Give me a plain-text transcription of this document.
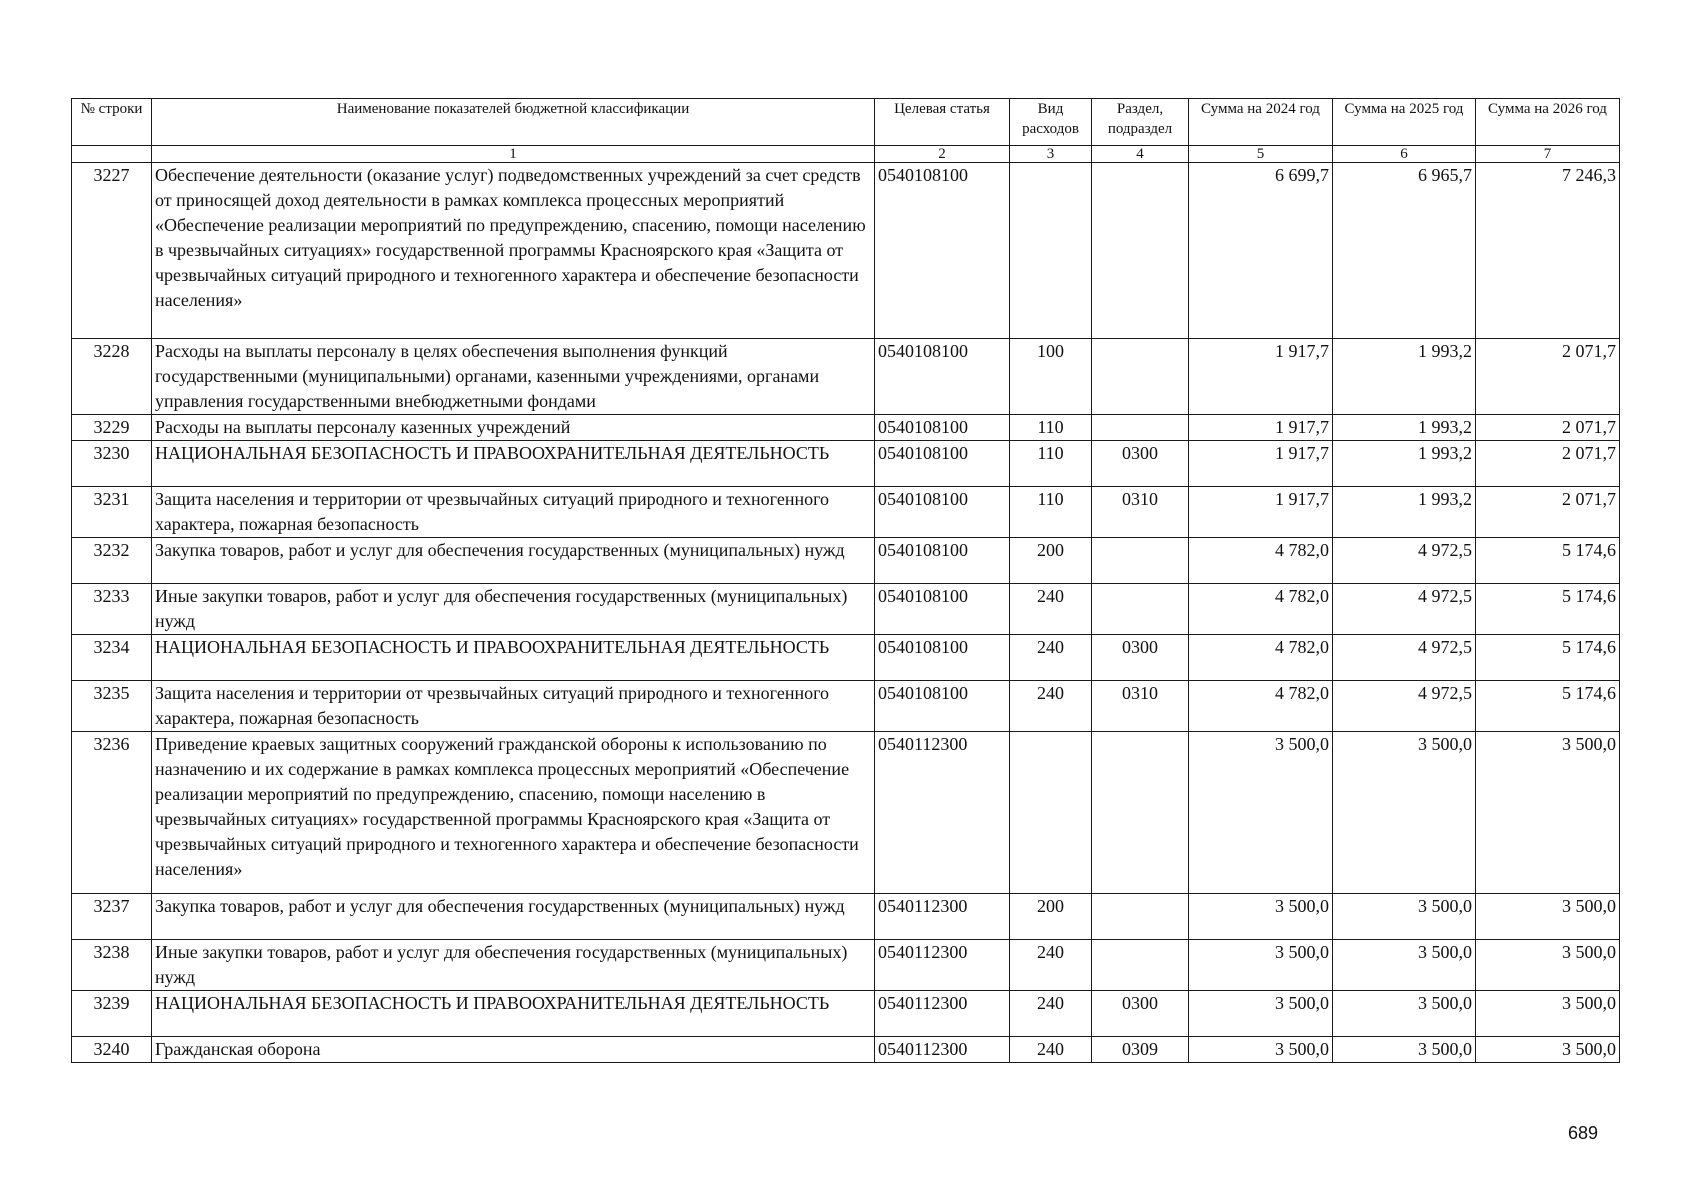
№ строки	Наименование показателей бюджетной классификации	Целевая статья	Вид расходов	Раздел, подраздел	Сумма на 2024 год	Сумма на 2025 год	Сумма на 2026 год
	1	2	3	4	5	6	7
3227	Обеспечение деятельности (оказание услуг) подведомственных учреждений за счет средств от приносящей доход деятельности в рамках комплекса процессных мероприятий «Обеспечение реализации мероприятий по предупреждению, спасению, помощи населению в чрезвычайных ситуациях» государственной программы Красноярского края «Защита от чрезвычайных ситуаций природного и техногенного характера и обеспечение безопасности населения»	0540108100			6 699,7	6 965,7	7 246,3
3228	Расходы на выплаты персоналу в целях обеспечения выполнения функций государственными (муниципальными) органами, казенными учреждениями, органами управления государственными внебюджетными фондами	0540108100	100		1 917,7	1 993,2	2 071,7
3229	Расходы на выплаты персоналу казенных учреждений	0540108100	110		1 917,7	1 993,2	2 071,7
3230	НАЦИОНАЛЬНАЯ БЕЗОПАСНОСТЬ И ПРАВООХРАНИТЕЛЬНАЯ ДЕЯТЕЛЬНОСТЬ	0540108100	110	0300	1 917,7	1 993,2	2 071,7
3231	Защита населения и территории от чрезвычайных ситуаций природного и техногенного характера, пожарная безопасность	0540108100	110	0310	1 917,7	1 993,2	2 071,7
3232	Закупка товаров, работ и услуг для обеспечения государственных (муниципальных) нужд	0540108100	200		4 782,0	4 972,5	5 174,6
3233	Иные закупки товаров, работ и услуг для обеспечения государственных (муниципальных) нужд	0540108100	240		4 782,0	4 972,5	5 174,6
3234	НАЦИОНАЛЬНАЯ БЕЗОПАСНОСТЬ И ПРАВООХРАНИТЕЛЬНАЯ ДЕЯТЕЛЬНОСТЬ	0540108100	240	0300	4 782,0	4 972,5	5 174,6
3235	Защита населения и территории от чрезвычайных ситуаций природного и техногенного характера, пожарная безопасность	0540108100	240	0310	4 782,0	4 972,5	5 174,6
3236	Приведение краевых защитных сооружений гражданской обороны к использованию по назначению и их содержание в рамках комплекса процессных мероприятий «Обеспечение реализации мероприятий по предупреждению, спасению, помощи населению в чрезвычайных ситуациях» государственной программы Красноярского края «Защита от чрезвычайных ситуаций природного и техногенного характера и обеспечение безопасности населения»	0540112300			3 500,0	3 500,0	3 500,0
3237	Закупка товаров, работ и услуг для обеспечения государственных (муниципальных) нужд	0540112300	200		3 500,0	3 500,0	3 500,0
3238	Иные закупки товаров, работ и услуг для обеспечения государственных (муниципальных) нужд	0540112300	240		3 500,0	3 500,0	3 500,0
3239	НАЦИОНАЛЬНАЯ БЕЗОПАСНОСТЬ И ПРАВООХРАНИТЕЛЬНАЯ ДЕЯТЕЛЬНОСТЬ	0540112300	240	0300	3 500,0	3 500,0	3 500,0
3240	Гражданская оборона	0540112300	240	0309	3 500,0	3 500,0	3 500,0
689
